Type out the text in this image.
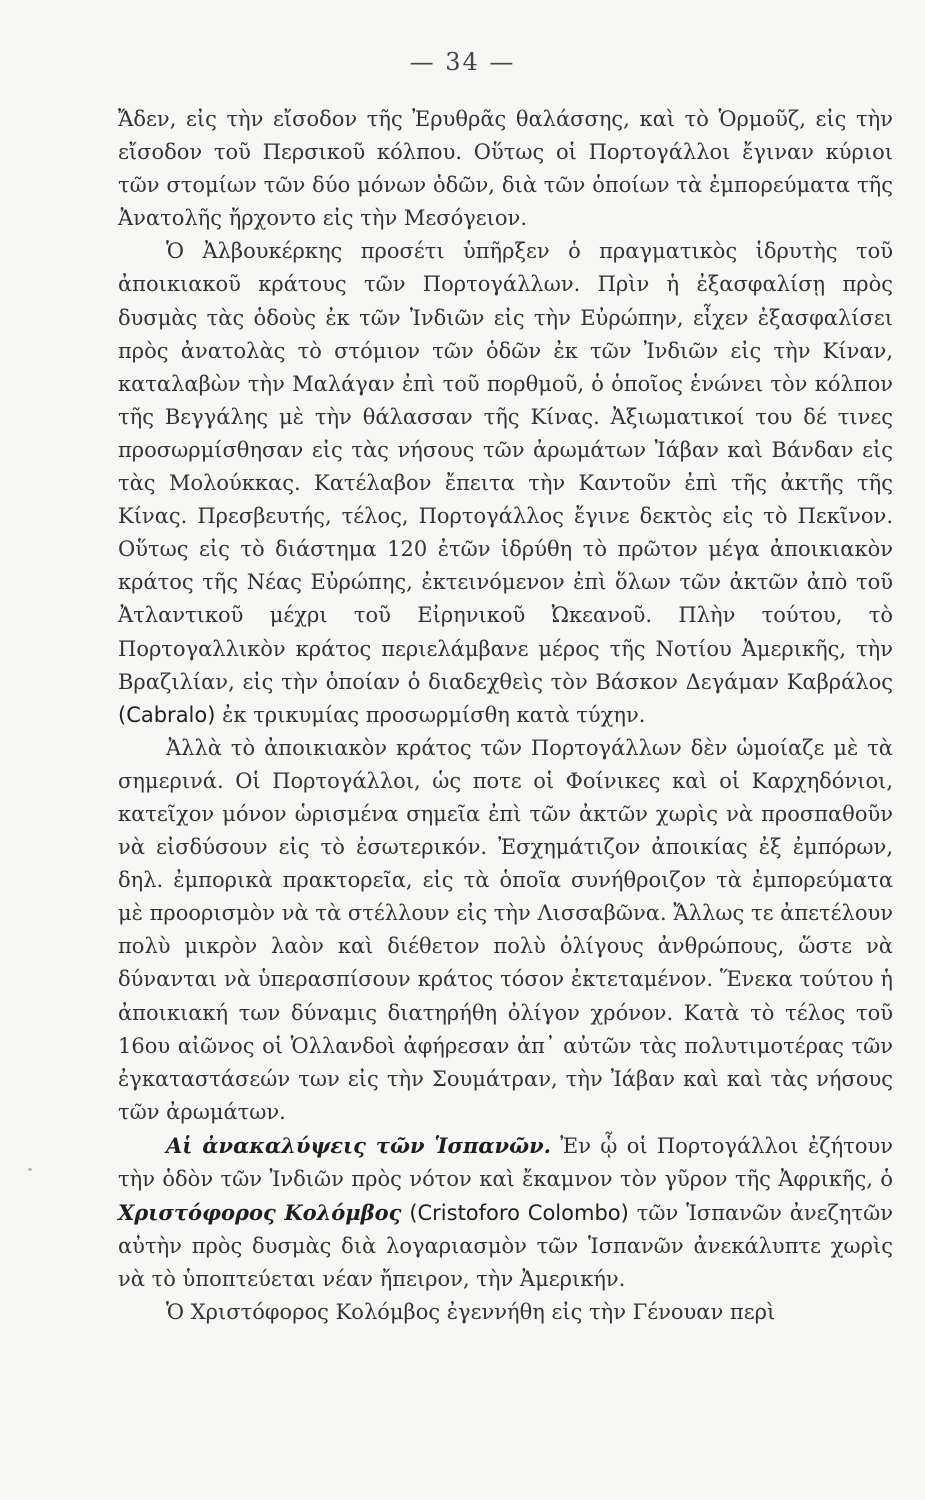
— 34 —

Ἄδεν, εἰς τὴν εἴσοδον τῆς Ἐρυθρᾶς θαλάσσης, καὶ τὸ Ὁρμοῦζ, εἰς τὴν εἴσοδον τοῦ Περσικοῦ κόλπου. Οὕτως οἱ Πορτογάλλοι ἔγιναν κύριοι τῶν στομίων τῶν δύο μόνων ὁδῶν, διὰ τῶν ὁποίων τὰ ἐμπορεύματα τῆς Ἀνατολῆς ἤρχοντο εἰς τὴν Μεσόγειον.

Ὁ Ἀλβουκέρκης προσέτι ὑπῆρξεν ὁ πραγματικὸς ἱδρυτὴς τοῦ ἀποικιακοῦ κράτους τῶν Πορτογάλλων. Πρὶν ἡ ἐξασφαλίσῃ πρὸς δυσμὰς τὰς ὁδοὺς ἐκ τῶν Ἰνδιῶν εἰς τὴν Εὐρώπην, εἶχεν ἐξασφαλίσει πρὸς ἀνατολὰς τὸ στόμιον τῶν ὁδῶν ἐκ τῶν Ἰνδιῶν εἰς τὴν Κίναν, καταλαβὼν τὴν Μαλάγαν ἐπὶ τοῦ πορθμοῦ, ὁ ὁποῖος ἑνώνει τὸν κόλπον τῆς Βεγγάλης μὲ τὴν θάλασσαν τῆς Κίνας. Ἀξιωματικοί του δέ τινες προσωρμίσθησαν εἰς τὰς νήσους τῶν ἀρωμάτων Ἰάβαν καὶ Βάνδαν εἰς τὰς Μολούκκας. Κατέλαβον ἔπειτα τὴν Καντοῦν ἐπὶ τῆς ἀκτῆς τῆς Κίνας. Πρεσβευτής, τέλος, Πορτογάλλος ἔγινε δεκτὸς εἰς τὸ Πεκῖνον. Οὕτως εἰς τὸ διάστημα 120 ἐτῶν ἱδρύθη τὸ πρῶτον μέγα ἀποικιακὸν κράτος τῆς Νέας Εὐρώπης, ἐκτεινόμενον ἐπὶ ὅλων τῶν ἀκτῶν ἀπὸ τοῦ Ἀτλαντικοῦ μέχρι τοῦ Εἰρηνικοῦ Ὠκεανοῦ. Πλὴν τούτου, τὸ Πορτογαλλικὸν κράτος περιελάμβανε μέρος τῆς Νοτίου Ἀμερικῆς, τὴν Βραζιλίαν, εἰς τὴν ὁποίαν ὁ διαδεχθεὶς τὸν Βάσκον Δεγάμαν Καβράλος (Cabralo) ἐκ τρικυμίας προσωρμίσθη κατὰ τύχην.

Ἀλλὰ τὸ ἀποικιακὸν κράτος τῶν Πορτογάλλων δὲν ὡμοίαζε μὲ τὰ σημερινά. Οἱ Πορτογάλλοι, ὡς ποτε οἱ Φοίνικες καὶ οἱ Καρχηδόνιοι, κατεῖχον μόνον ὡρισμένα σημεῖα ἐπὶ τῶν ἀκτῶν χωρὶς νὰ προσπαθοῦν νὰ εἰσδύσουν εἰς τὸ ἐσωτερικόν. Ἐσχημάτιζον ἀποικίας ἐξ ἐμπόρων, δηλ. ἐμπορικὰ πρακτορεῖα, εἰς τὰ ὁποῖα συνήθροιζον τὰ ἐμπορεύματα μὲ προορισμὸν νὰ τὰ στέλλουν εἰς τὴν Λισσαβῶνα. Ἄλλως τε ἀπετέλουν πολὺ μικρὸν λαὸν καὶ διέθετον πολὺ ὀλίγους ἀνθρώπους, ὥστε νὰ δύνανται νὰ ὑπερασπίσουν κράτος τόσον ἐκτεταμένον. Ἕνεκα τούτου ἡ ἀποικιακή των δύναμις διατηρήθη ὀλίγον χρόνον. Κατὰ τὸ τέλος τοῦ 16ου αἰῶνος οἱ Ὁλλανδοὶ ἀφήρεσαν ἀπ᾽ αὐτῶν τὰς πολυτιμοτέρας τῶν ἐγκαταστάσεών των εἰς τὴν Σουμάτραν, τὴν Ἰάβαν καὶ καὶ τὰς νήσους τῶν ἀρωμάτων.

Αἱ ἀνακαλύψεις τῶν Ἱσπανῶν. Ἐν ᾧ οἱ Πορτογάλλοι ἐζήτουν τὴν ὁδὸν τῶν Ἰνδιῶν πρὸς νότον καὶ ἔκαμνον τὸν γῦρον τῆς Ἀφρικῆς, ὁ Χριστόφορος Κολόμβος (Cristoforo Colombo) τῶν Ἱσπανῶν ἀνεζητῶν αὐτὴν πρὸς δυσμὰς διὰ λογαριασμὸν τῶν Ἱσπανῶν ἀνεκάλυπτε χωρὶς νὰ τὸ ὑποπτεύεται νέαν ἤπειρον, τὴν Ἀμερικήν.

Ὁ Χριστόφορος Κολόμβος ἐγεννήθη εἰς τὴν Γένουαν περὶ
